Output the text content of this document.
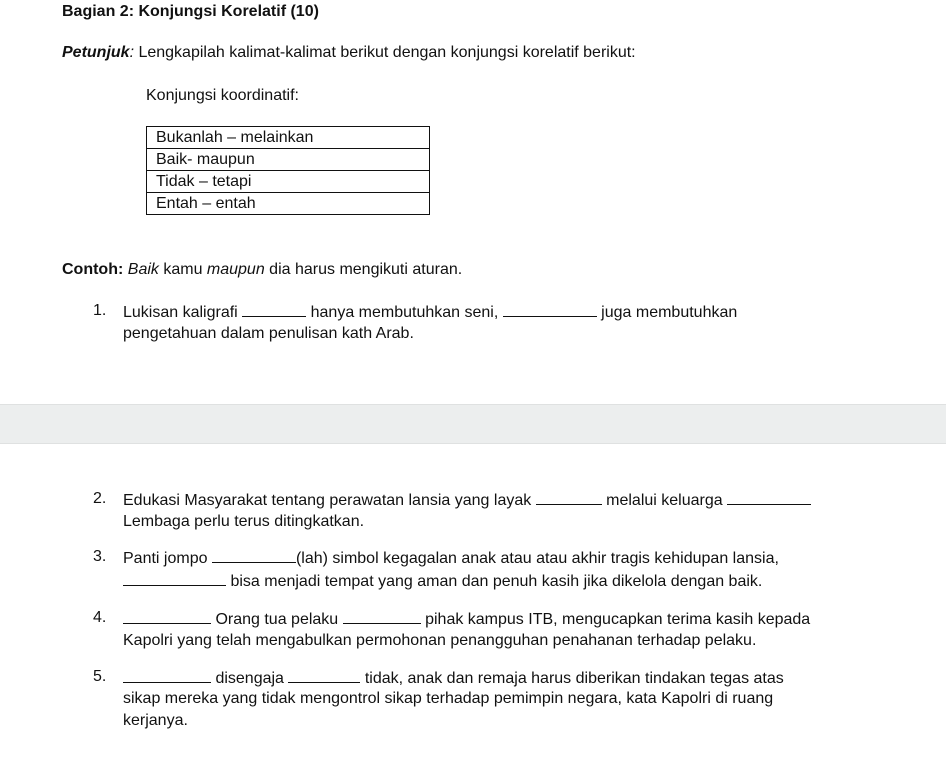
Bagian 2: Konjungsi Korelatif (10)
Petunjuk: Lengkapilah kalimat-kalimat berikut dengan konjungsi korelatif berikut:
Konjungsi koordinatif:
Bukanlah – melainkan
Baik- maupun
Tidak – tetapi
Entah – entah
Contoh: Baik kamu maupun dia harus mengikuti aturan.
1. Lukisan kaligrafi	hanya membutuhkan seni,	juga membutuhkan
pengetahuan dalam penulisan kath Arab.
2. Edukasi Masyarakat tentang perawatan lansia yang layak	melalui keluarga
Lembaga perlu terus ditingkatkan.
3. Panti jompo	(lah) simbol kegagalan anak atau atau akhir tragis kehidupan lansia,
bisa menjadi tempat yang aman dan penuh kasih jika dikelola dengan baik.
4.	Orang tua pelaku	pihak kampus ITB, mengucapkan terima kasih kepada
Kapolri yang telah mengabulkan permohonan penangguhan penahanan terhadap pelaku.
5.	disengaja	tidak, anak dan remaja harus diberikan tindakan tegas atas
sikap mereka yang tidak mengontrol sikap terhadap pemimpin negara, kata Kapolri di ruang
kerjanya.
